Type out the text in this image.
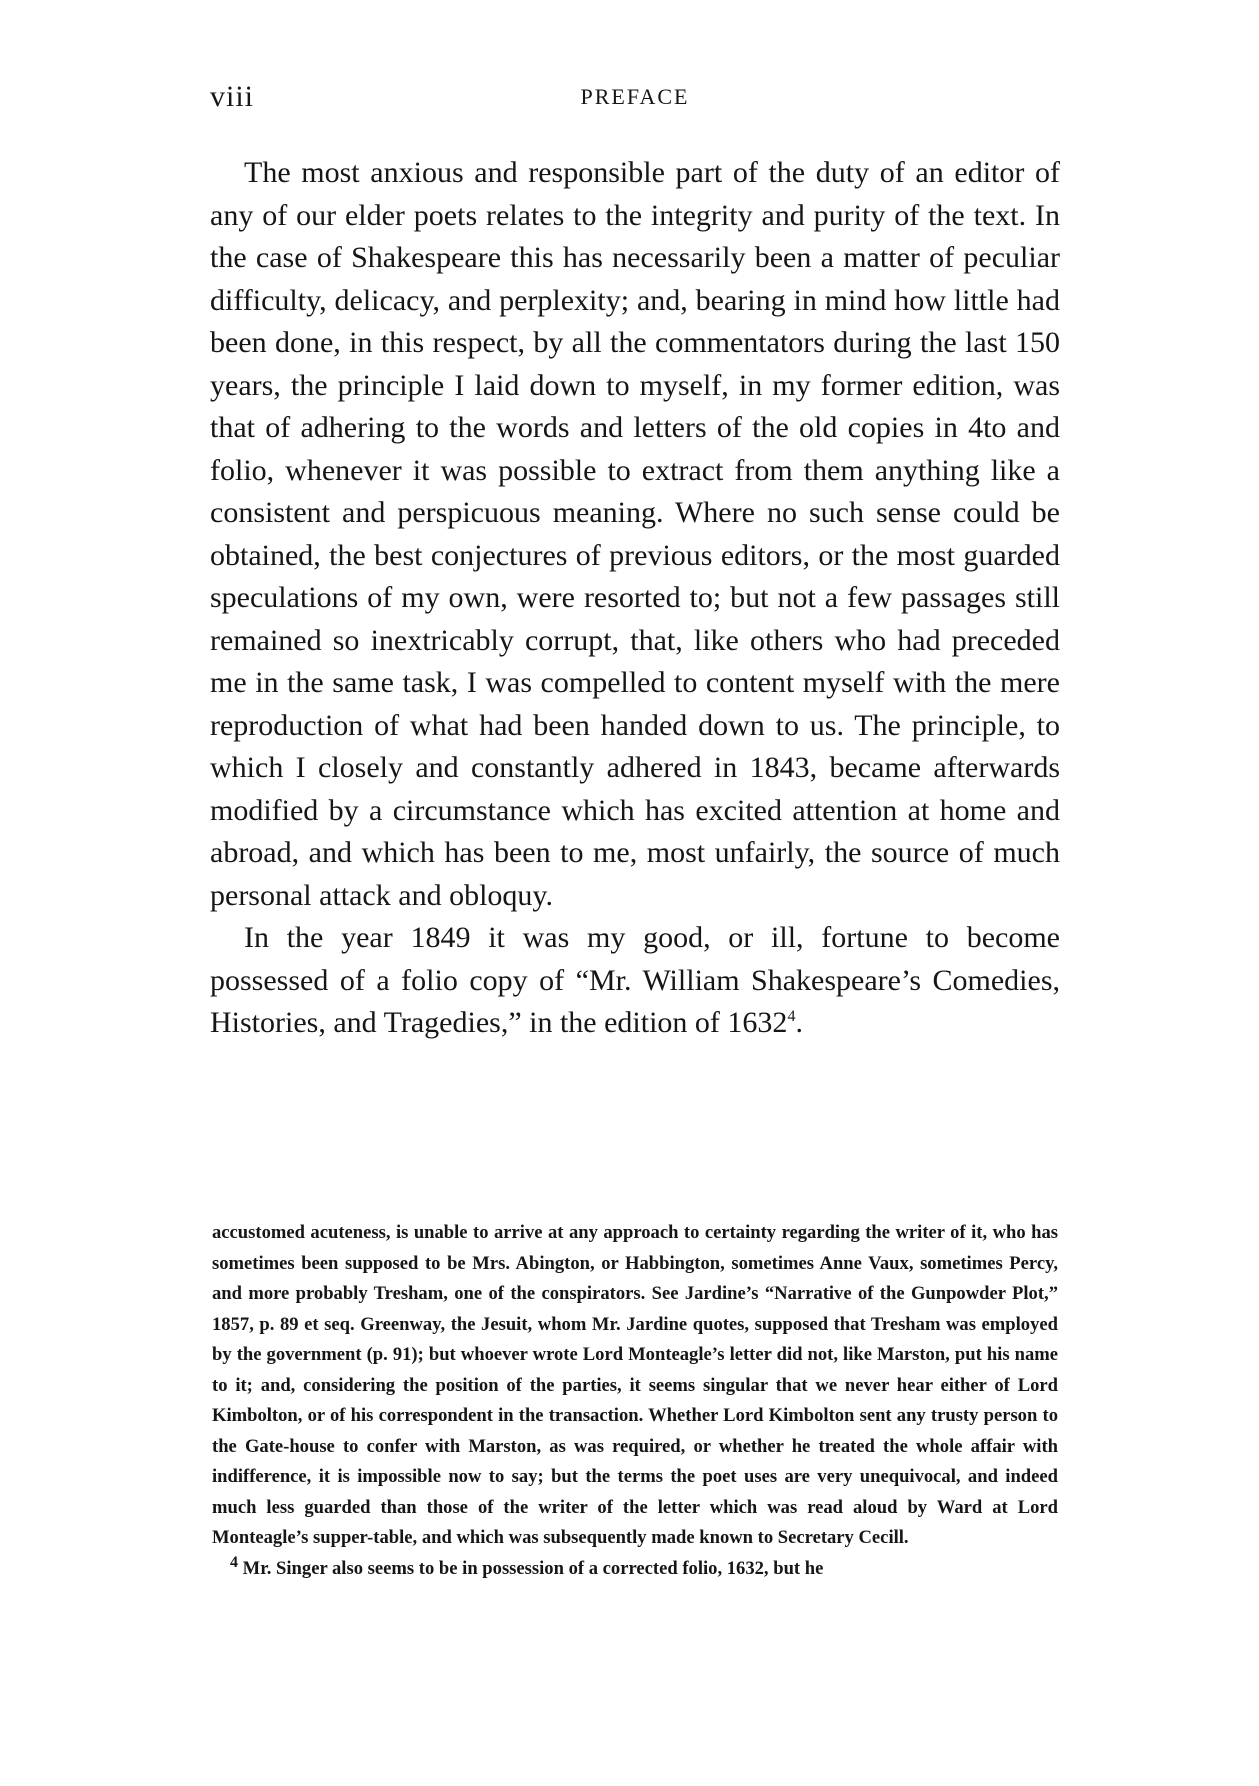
viii	PREFACE

The most anxious and responsible part of the duty of an editor of any of our elder poets relates to the integrity and purity of the text. In the case of Shakespeare this has necessarily been a matter of peculiar difficulty, delicacy, and perplexity; and, bearing in mind how little had been done, in this respect, by all the commentators during the last 150 years, the principle I laid down to myself, in my former edition, was that of adhering to the words and letters of the old copies in 4to and folio, whenever it was possible to extract from them anything like a consistent and perspicuous meaning. Where no such sense could be obtained, the best conjectures of previous editors, or the most guarded speculations of my own, were resorted to; but not a few passages still remained so inextricably corrupt, that, like others who had preceded me in the same task, I was compelled to content myself with the mere reproduction of what had been handed down to us. The principle, to which I closely and constantly adhered in 1843, became afterwards modified by a circumstance which has excited attention at home and abroad, and which has been to me, most unfairly, the source of much personal attack and obloquy.

In the year 1849 it was my good, or ill, fortune to become possessed of a folio copy of “Mr. William Shakespeare’s Comedies, Histories, and Tragedies,” in the edition of 1632$^4$.

accustomed acuteness, is unable to arrive at any approach to certainty regarding the writer of it, who has sometimes been supposed to be Mrs. Abington, or Habbington, sometimes Anne Vaux, sometimes Percy, and more probably Tresham, one of the conspirators. See Jardine’s “Narrative of the Gunpowder Plot,” 1857, p. 89 et seq. Greenway, the Jesuit, whom Mr. Jardine quotes, supposed that Tresham was employed by the government (p. 91); but whoever wrote Lord Monteagle’s letter did not, like Marston, put his name to it; and, considering the position of the parties, it seems singular that we never hear either of Lord Kimbolton, or of his correspondent in the transaction. Whether Lord Kimbolton sent any trusty person to the Gate-house to confer with Marston, as was required, or whether he treated the whole affair with indifference, it is impossible now to say; but the terms the poet uses are very unequivocal, and indeed much less guarded than those of the writer of the letter which was read aloud by Ward at Lord Monteagle’s supper-table, and which was subsequently made known to Secretary Cecill.

$^4$ Mr. Singer also seems to be in possession of a corrected folio, 1632, but he
